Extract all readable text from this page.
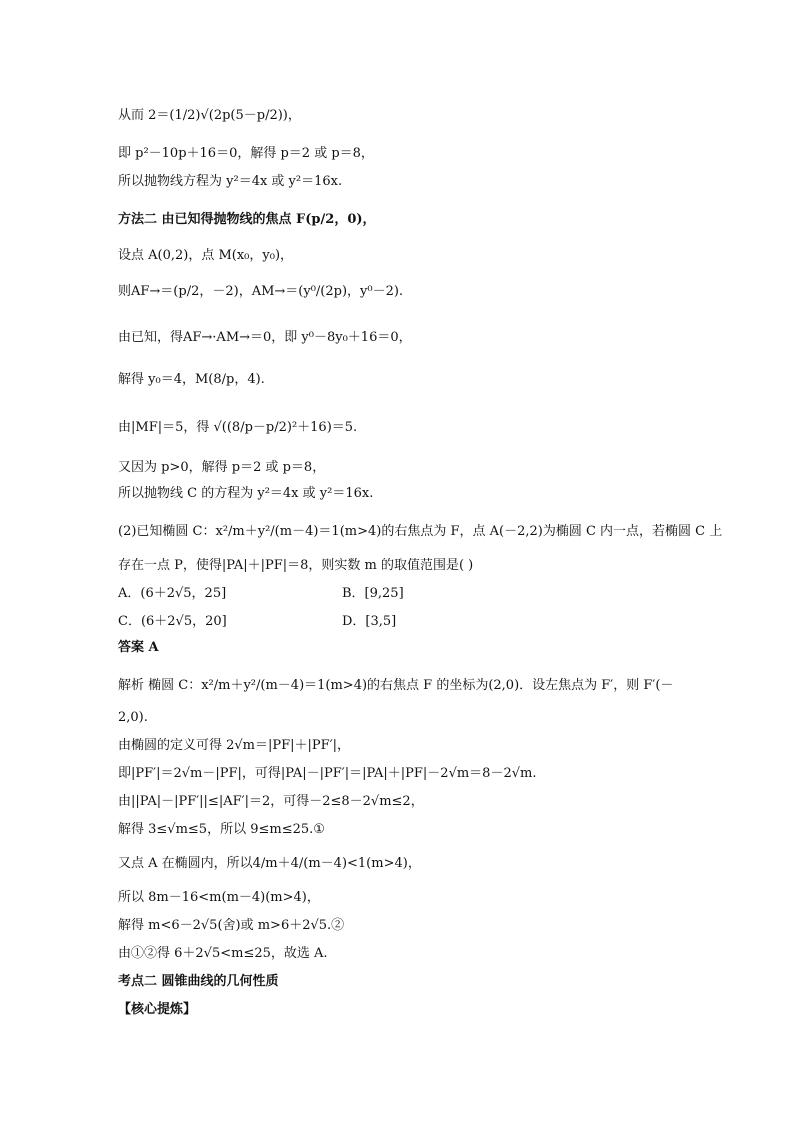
从而 2＝(1/2)√(2p(5－p/2))，
即 p²－10p＋16＝0，解得 p＝2 或 p＝8，
所以抛物线方程为 y²＝4x 或 y²＝16x.
方法二 由已知得抛物线的焦点 F(p/2，0)，
设点 A(0,2)，点 M(x₀，y₀)，
则AF→＝(p/2，－2)，AM→＝(y⁰/(2p)，y⁰－2).
由已知，得AF→·AM→＝0，即 y⁰－8y₀＋16＝0，
解得 y₀＝4，M(8/p，4).
由|MF|＝5，得 √((8/p－p/2)²＋16)＝5.
又因为 p>0，解得 p＝2 或 p＝8，
所以抛物线 C 的方程为 y²＝4x 或 y²＝16x.
(2)已知椭圆 C：x²/m＋y²/(m－4)＝1(m>4)的右焦点为 F，点 A(－2,2)为椭圆 C 内一点，若椭圆 C 上
存在一点 P，使得|PA|＋|PF|＝8，则实数 m 的取值范围是( )
A．(6＋2√5，25]	B．[9,25]
C．(6＋2√5，20]	D．[3,5]
答案 A
解析 椭圆 C：x²/m＋y²/(m－4)＝1(m>4)的右焦点 F 的坐标为(2,0)．设左焦点为 F′，则 F′(－
2,0).
由椭圆的定义可得 2√m＝|PF|＋|PF′|，
即|PF′|＝2√m－|PF|，可得|PA|－|PF′|＝|PA|＋|PF|－2√m＝8－2√m.
由||PA|－|PF′||≤|AF′|＝2，可得－2≤8－2√m≤2，
解得 3≤√m≤5，所以 9≤m≤25.①
又点 A 在椭圆内，所以4/m＋4/(m－4)<1(m>4)，
所以 8m－16<m(m－4)(m>4)，
解得 m<6－2√5(舍)或 m>6＋2√5.②
由①②得 6＋2√5<m≤25，故选 A.
考点二 圆锥曲线的几何性质
【核心提炼】
